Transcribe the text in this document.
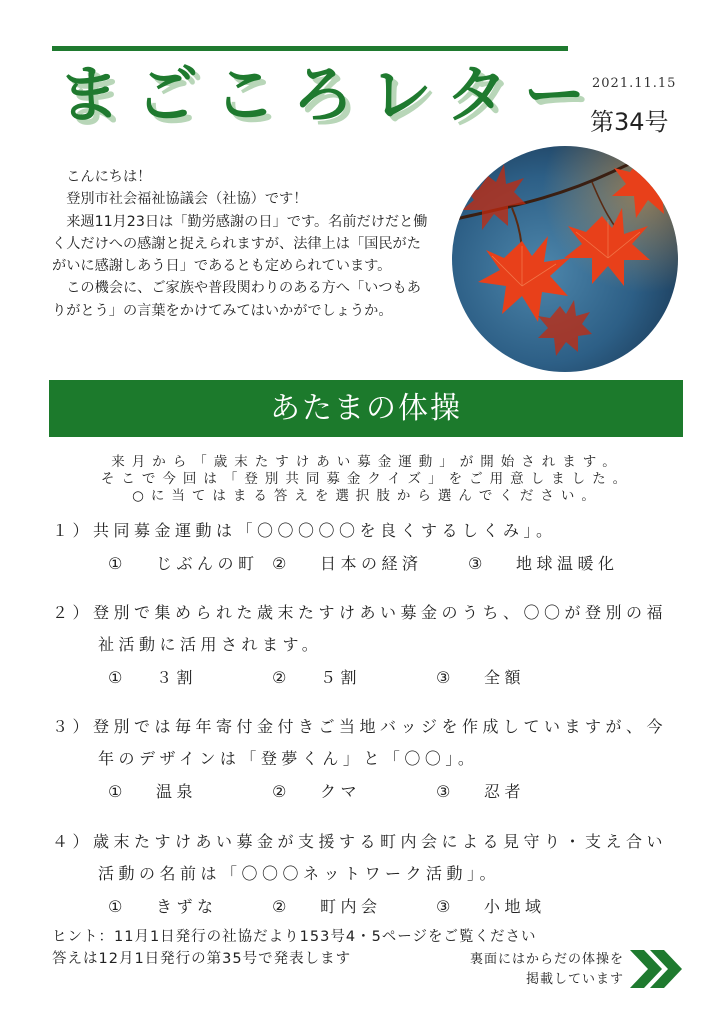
まごころレター
2021.11.15
第34号

こんにちは！

登別市社会福祉協議会（社協）です！

来週11月23日は「勤労感謝の日」です。名前だけだと働く人だけへの感謝と捉えられますが、法律上は「国民がたがいに感謝しあう日」であるとも定められています。

この機会に、ご家族や普段関わりのある方へ「いつもありがとう」の言葉をかけてみてはいかがでしょうか。

あたまの体操
来月から「歳末たすけあい募金運動」が開始されます。
そこで今回は「登別共同募金クイズ」をご用意しました。
○に当てはまる答えを選択肢から選んでください。
１）共同募金運動は「〇〇〇〇〇を良くするしくみ」。
①	じぶんの町 ②	日本の経済	③	地球温暖化
２）登別で集められた歳末たすけあい募金のうち、〇〇が登別の福祉活動に活用されます。
①	３割	②	５割	③	全額
３）登別では毎年寄付金付きご当地バッジを作成していますが、今年のデザインは「登夢くん」と「〇〇」。
①	温泉	②	クマ	③	忍者
４）歳末たすけあい募金が支援する町内会による見守り・支え合い活動の名前は「〇〇〇ネットワーク活動」。
①	きずな	②	町内会	③	小地域
ヒント：11月1日発行の社協だより153号4・5ページをご覧ください
答えは12月1日発行の第35号で発表します	裏面にはからだの体操を
掲載しています
